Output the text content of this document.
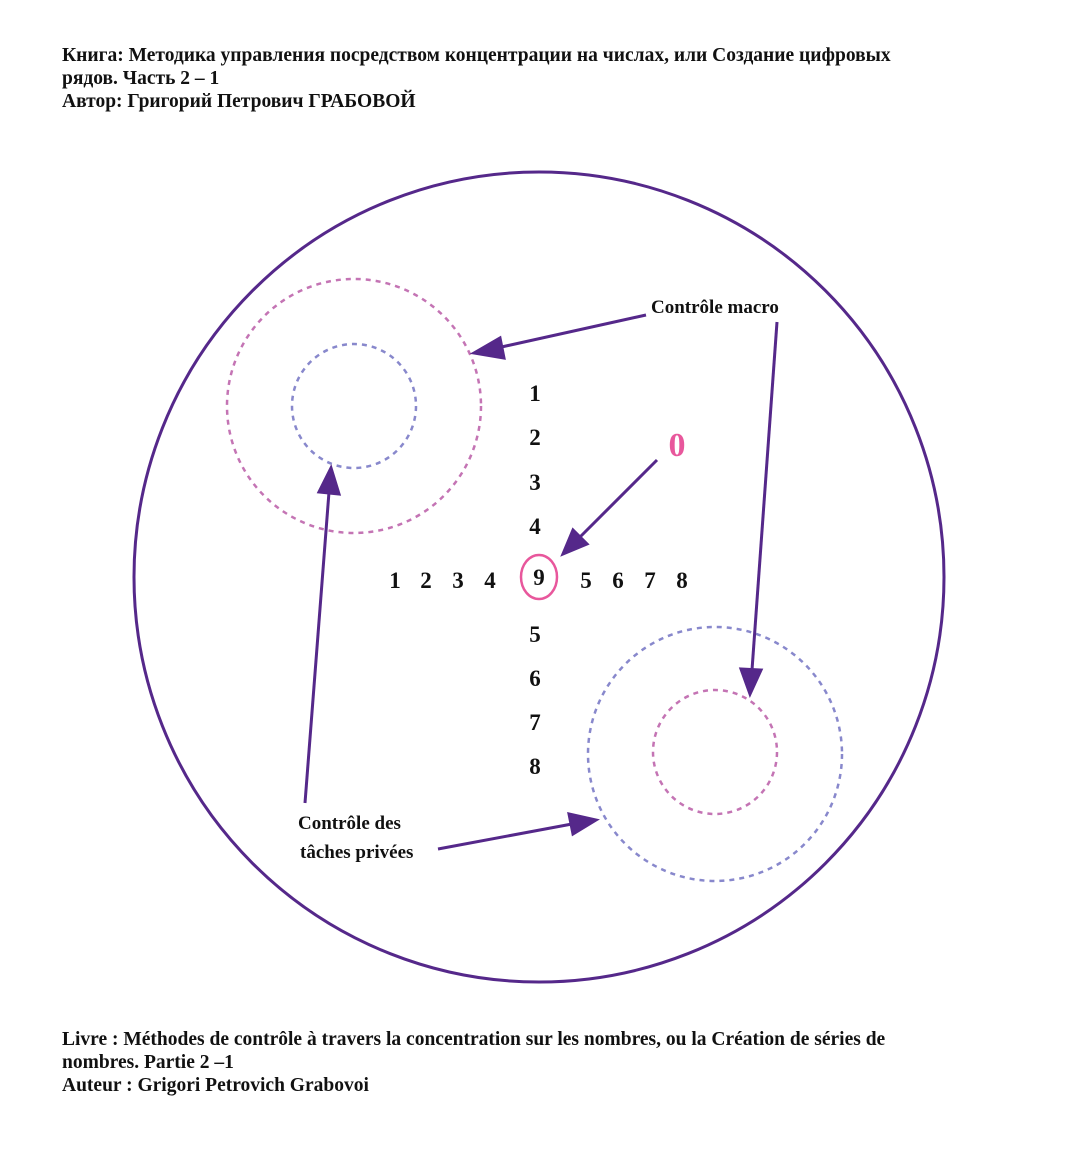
Книга: Методика управления посредством концентрации на числах, или Создание цифровых
рядов. Часть 2 – 1
Автор: Григорий Петрович ГРАБОВОЙ
1
2
3
4
5
6
7
8
1 2 3 4	5 6 7 8
9
0
Contrôle macro
Contrôle des
tâches privées
Livre : Méthodes de contrôle à travers la concentration sur les nombres, ou la Création de séries de
nombres. Partie 2 –1
Auteur : Grigori Petrovich Grabovoi
